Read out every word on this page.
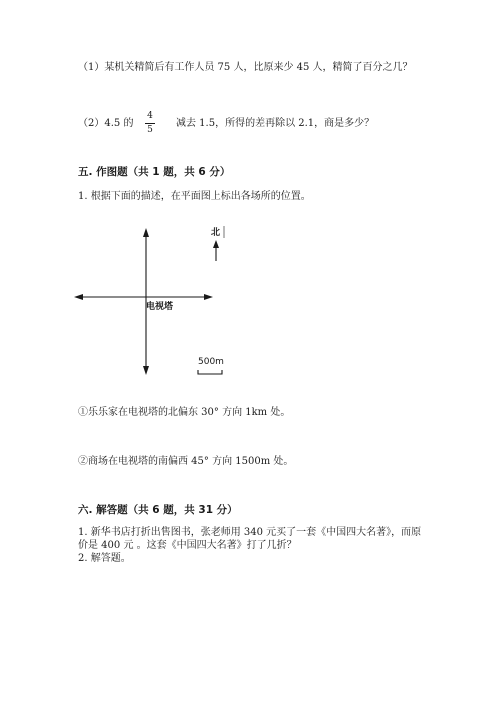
（1）某机关精简后有工作人员 75 人，比原来少 45 人，精简了百分之几？
（2）4.5 的
4
5
减去 1.5，所得的差再除以 2.1，商是多少？
五. 作图题（共 1 题，共 6 分）
1. 根据下面的描述，在平面图上标出各场所的位置。
北
电视塔
500m
①乐乐家在电视塔的北偏东 30° 方向 1km 处。
②商场在电视塔的南偏西 45° 方向 1500m 处。
六. 解答题（共 6 题，共 31 分）
1. 新华书店打折出售图书，张老师用 340 元买了一套《中国四大名著》，而原
价是 400 元 。这套《中国四大名著》打了几折？
2. 解答题。
